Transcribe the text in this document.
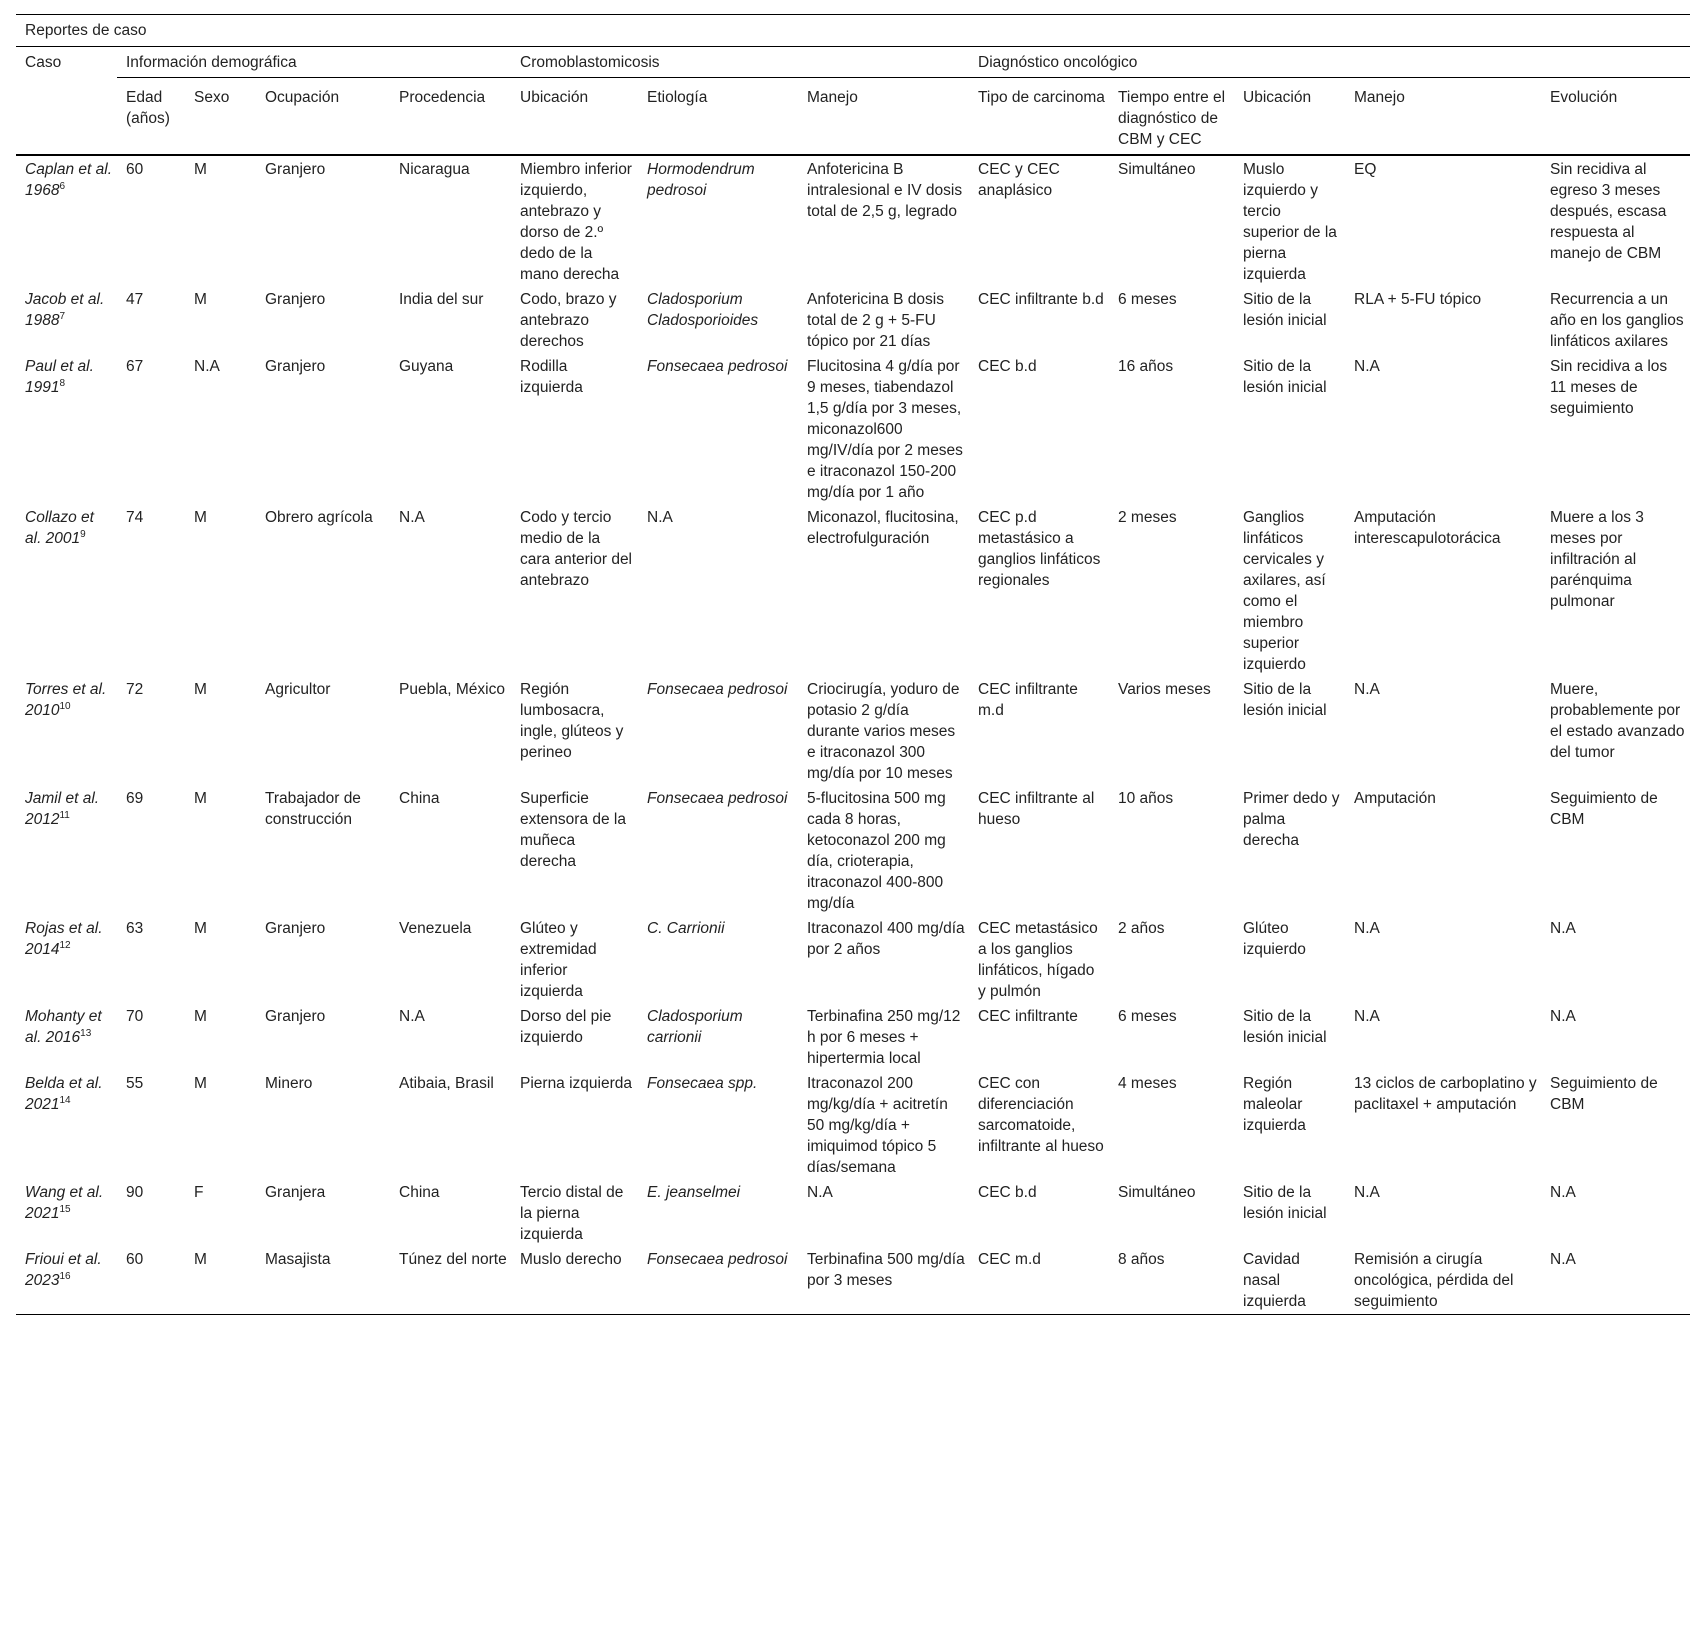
Reportes de caso												
Caso	Información demográfica				Cromoblastomicosis			Diagnóstico oncológico				
	Edad (años)	Sexo	Ocupación	Procedencia	Ubicación	Etiología	Manejo	Tipo de carcinoma	Tiempo entre el diagnóstico de CBM y CEC	Ubicación	Manejo	Evolución
Caplan et al. 1968$^6$	60	M	Granjero	Nicaragua	Miembro inferior izquierdo, antebrazo y dorso de 2.º dedo de la mano derecha	Hormodendrum pedrosoi	Anfotericina B intralesional e IV dosis total de 2,5 g, legrado	CEC y CEC anaplásico	Simultáneo	Muslo izquierdo y tercio superior de la pierna izquierda	EQ	Sin recidiva al egreso 3 meses después, escasa respuesta al manejo de CBM
Jacob et al. 1988$^7$	47	M	Granjero	India del sur	Codo, brazo y antebrazo derechos	Cladosporium Cladosporioides	Anfotericina B dosis total de 2 g + 5-FU tópico por 21 días	CEC infiltrante b.d	6 meses	Sitio de la lesión inicial	RLA + 5-FU tópico	Recurrencia a un año en los ganglios linfáticos axilares
Paul et al. 1991$^8$	67	N.A	Granjero	Guyana	Rodilla izquierda	Fonsecaea pedrosoi	Flucitosina 4 g/día por 9 meses, tiabendazol 1,5 g/día por 3 meses, miconazol600 mg/IV/día por 2 meses e itraconazol 150-200 mg/día por 1 año	CEC b.d	16 años	Sitio de la lesión inicial	N.A	Sin recidiva a los 11 meses de seguimiento
Collazo et al. 2001$^9$	74	M	Obrero agrícola	N.A	Codo y tercio medio de la cara anterior del antebrazo	N.A	Miconazol, flucitosina, electrofulguración	CEC p.d metastásico a ganglios linfáticos regionales	2 meses	Ganglios linfáticos cervicales y axilares, así como el miembro superior izquierdo	Amputación interescapulotorácica	Muere a los 3 meses por infiltración al parénquima pulmonar
Torres et al. 2010$^{10}$	72	M	Agricultor	Puebla, México	Región lumbosacra, ingle, glúteos y perineo	Fonsecaea pedrosoi	Criocirugía, yoduro de potasio 2 g/día durante varios meses e itraconazol 300 mg/día por 10 meses	CEC infiltrante m.d	Varios meses	Sitio de la lesión inicial	N.A	Muere, probablemente por el estado avanzado del tumor
Jamil et al. 2012$^{11}$	69	M	Trabajador de construcción	China	Superficie extensora de la muñeca derecha	Fonsecaea pedrosoi	5-flucitosina 500 mg cada 8 horas, ketoconazol 200 mg día, crioterapia, itraconazol 400-800 mg/día	CEC infiltrante al hueso	10 años	Primer dedo y palma derecha	Amputación	Seguimiento de CBM
Rojas et al. 2014$^{12}$	63	M	Granjero	Venezuela	Glúteo y extremidad inferior izquierda	C. Carrionii	Itraconazol 400 mg/día por 2 años	CEC metastásico a los ganglios linfáticos, hígado y pulmón	2 años	Glúteo izquierdo	N.A	N.A
Mohanty et al. 2016$^{13}$	70	M	Granjero	N.A	Dorso del pie izquierdo	Cladosporium carrionii	Terbinafina 250 mg/12 h por 6 meses + hipertermia local	CEC infiltrante	6 meses	Sitio de la lesión inicial	N.A	N.A
Belda et al. 2021$^{14}$	55	M	Minero	Atibaia, Brasil	Pierna izquierda	Fonsecaea spp.	Itraconazol 200 mg/kg/día + acitretín 50 mg/kg/día + imiquimod tópico 5 días/semana	CEC con diferenciación sarcomatoide, infiltrante al hueso	4 meses	Región maleolar izquierda	13 ciclos de carboplatino y paclitaxel + amputación	Seguimiento de CBM
Wang et al. 2021$^{15}$	90	F	Granjera	China	Tercio distal de la pierna izquierda	E. jeanselmei	N.A	CEC b.d	Simultáneo	Sitio de la lesión inicial	N.A	N.A
Frioui et al. 2023$^{16}$	60	M	Masajista	Túnez del norte	Muslo derecho	Fonsecaea pedrosoi	Terbinafina 500 mg/día por 3 meses	CEC m.d	8 años	Cavidad nasal izquierda	Remisión a cirugía oncológica, pérdida del seguimiento	N.A
